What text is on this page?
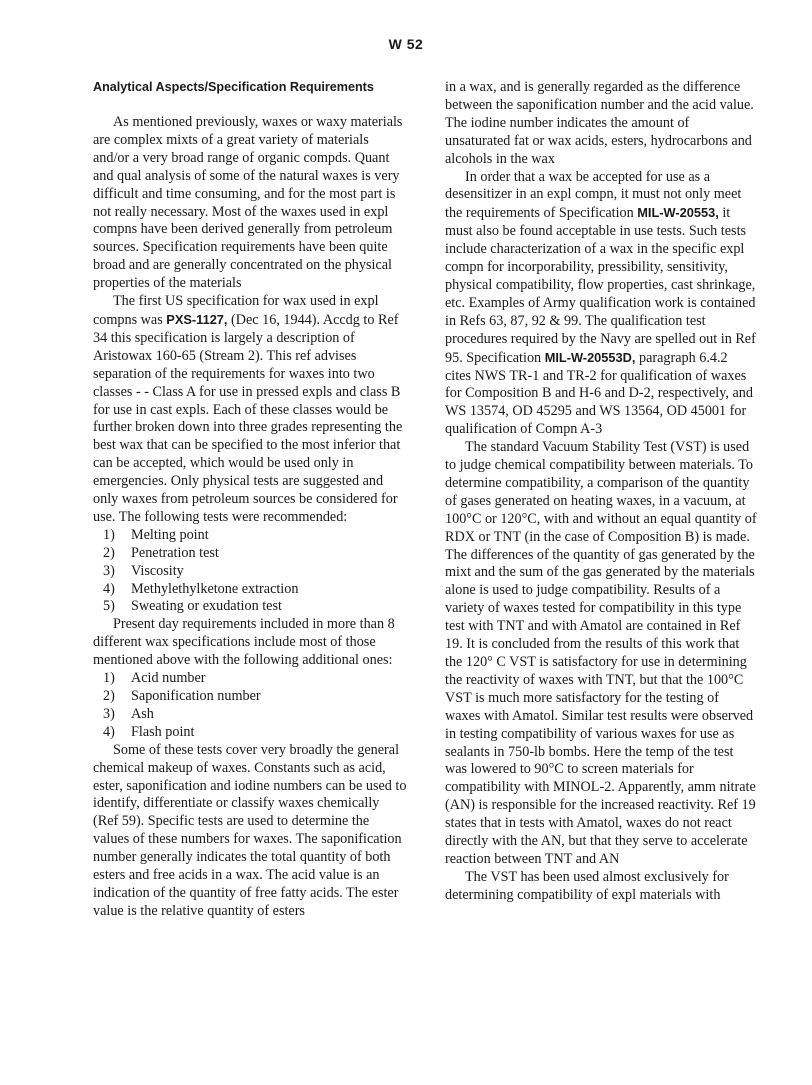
W 52
Analytical Aspects/Specification Requirements

As mentioned previously, waxes or waxy materials are complex mixts of a great variety of materials and/or a very broad range of organic compds. Quant and qual analysis of some of the natural waxes is very difficult and time consuming, and for the most part is not really necessary. Most of the waxes used in expl compns have been derived generally from petroleum sources. Specification requirements have been quite broad and are generally concentrated on the physical properties of the materials

The first US specification for wax used in expl compns was PXS-1127, (Dec 16, 1944). Accdg to Ref 34 this specification is largely a description of Aristowax 160-65 (Stream 2). This ref advises separation of the requirements for waxes into two classes - - Class A for use in pressed expls and class B for use in cast expls. Each of these classes would be further broken down into three grades representing the best wax that can be specified to the most inferior that can be accepted, which would be used only in emergencies. Only physical tests are suggested and only waxes from petroleum sources be considered for use. The following tests were recommended:

1)	Melting point
2)	Penetration test
3)	Viscosity
4)	Methylethylketone extraction
5)	Sweating or exudation test

Present day requirements included in more than 8 different wax specifications include most of those mentioned above with the following additional ones:

1)	Acid number
2)	Saponification number
3)	Ash
4)	Flash point

Some of these tests cover very broadly the general chemical makeup of waxes. Constants such as acid, ester, saponification and iodine numbers can be used to identify, differentiate or classify waxes chemically (Ref 59). Specific tests are used to determine the values of these numbers for waxes. The saponification number generally indicates the total quantity of both esters and free acids in a wax. The acid value is an indication of the quantity of free fatty acids. The ester value is the relative quantity of esters

in a wax, and is generally regarded as the difference between the saponification number and the acid value. The iodine number indicates the amount of unsaturated fat or wax acids, esters, hydrocarbons and alcohols in the wax

In order that a wax be accepted for use as a desensitizer in an expl compn, it must not only meet the requirements of Specification MIL-W-20553, it must also be found acceptable in use tests. Such tests include characterization of a wax in the specific expl compn for incorporability, pressibility, sensitivity, physical compatibility, flow properties, cast shrinkage, etc. Examples of Army qualification work is contained in Refs 63, 87, 92 & 99. The qualification test procedures required by the Navy are spelled out in Ref 95. Specification MIL-W-20553D, paragraph 6.4.2 cites NWS TR-1 and TR-2 for qualification of waxes for Composition B and H-6 and D-2, respectively, and WS 13574, OD 45295 and WS 13564, OD 45001 for qualification of Compn A-3

The standard Vacuum Stability Test (VST) is used to judge chemical compatibility between materials. To determine compatibility, a comparison of the quantity of gases generated on heating waxes, in a vacuum, at 100°C or 120°C, with and without an equal quantity of RDX or TNT (in the case of Composition B) is made. The differences of the quantity of gas generated by the mixt and the sum of the gas generated by the materials alone is used to judge compatibility. Results of a variety of waxes tested for compatibility in this type test with TNT and with Amatol are contained in Ref 19. It is concluded from the results of this work that the 120° C VST is satisfactory for use in determining the reactivity of waxes with TNT, but that the 100°C VST is much more satisfactory for the testing of waxes with Amatol. Similar test results were observed in testing compatibility of various waxes for use as sealants in 750-lb bombs. Here the temp of the test was lowered to 90°C to screen materials for compatibility with MINOL-2. Apparently, amm nitrate (AN) is responsible for the increased reactivity. Ref 19 states that in tests with Amatol, waxes do not react directly with the AN, but that they serve to accelerate reaction between TNT and AN

The VST has been used almost exclusively for determining compatibility of expl materials with
